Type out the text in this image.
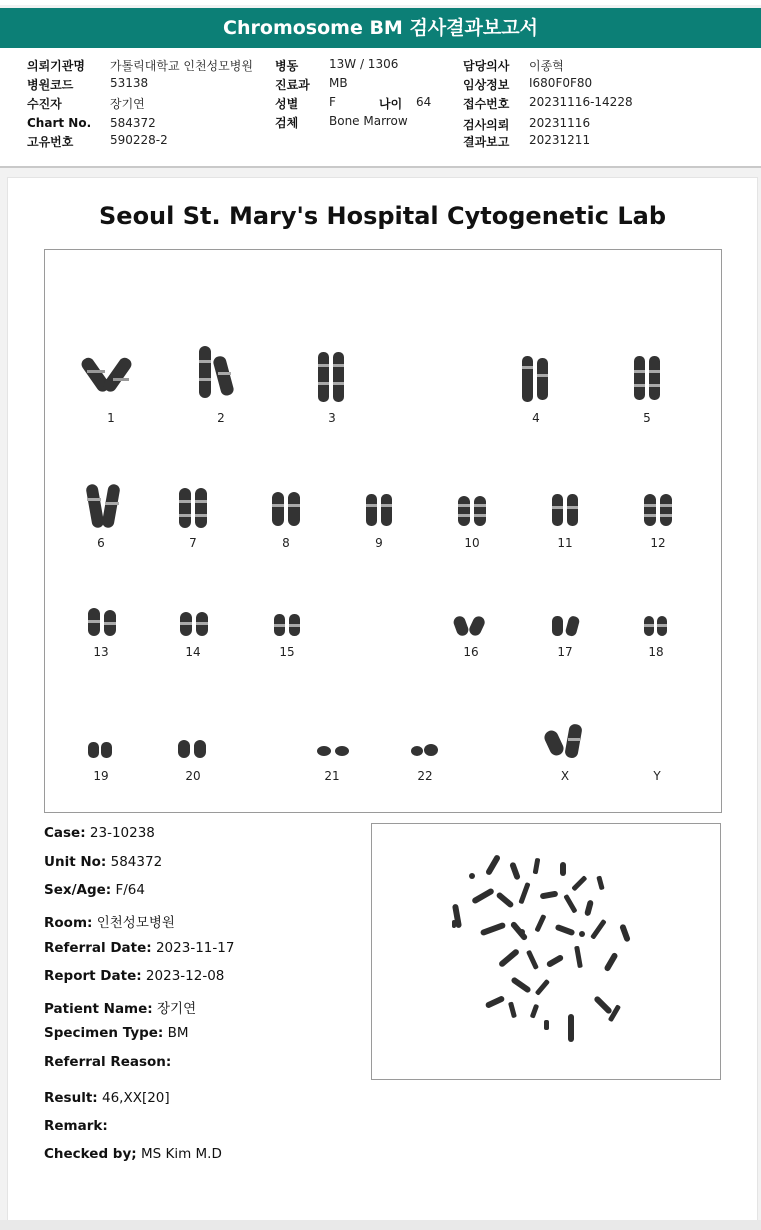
Chromosome BM 검사결과보고서
의뢰기관명 가톨릭대학교 인천성모병원
병원코드	53138
수진자	장기연
Chart No. 584372
고유번호	590228-2
병동	13W / 1306
진료과 MB
성별	F	나이 64
검체	Bone Marrow
담당의사 이종혁
임상정보 I680F0F80
접수번호 20231116-14228
검사의뢰 20231116
결과보고 20231211
Seoul St. Mary's Hospital Cytogenetic Lab
1	2	3	4	5
6	7	8	9	10	11	12
13	14	15	16	17	18
19	20	21	22	X	Y
Case: 23-10238
Unit No: 584372
Sex/Age: F/64
Room: 인천성모병원
Referral Date: 2023-11-17
Report Date: 2023-12-08
Patient Name: 장기연
Specimen Type: BM
Referral Reason:
Result: 46,XX[20]
Remark:
Checked by; MS Kim M.D
